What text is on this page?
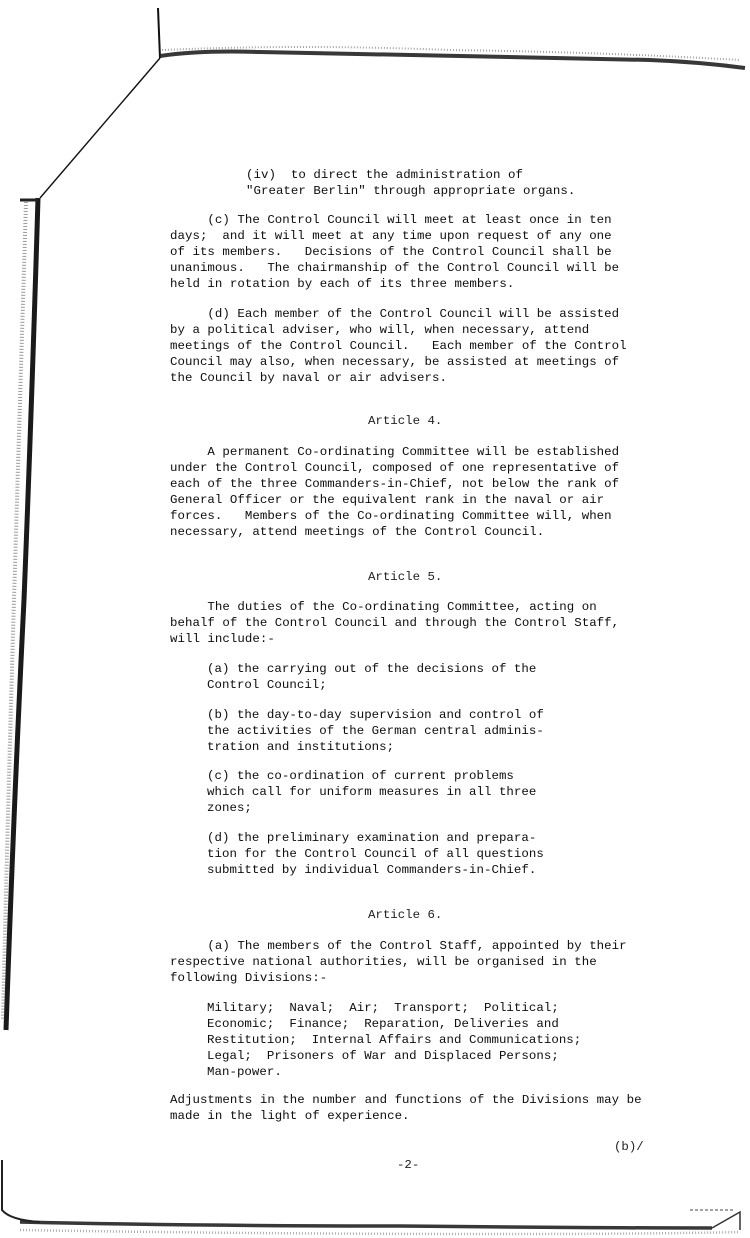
(iv)  to direct the administration of
"Greater Berlin" through appropriate organs.
(c) The Control Council will meet at least once in ten
days;  and it will meet at any time upon request of any one
of its members.   Decisions of the Control Council shall be
unanimous.   The chairmanship of the Control Council will be
held in rotation by each of its three members.
(d) Each member of the Control Council will be assisted
by a political adviser, who will, when necessary, attend
meetings of the Control Council.   Each member of the Control
Council may also, when necessary, be assisted at meetings of
the Council by naval or air advisers.
Article 4.
A permanent Co-ordinating Committee will be established
under the Control Council, composed of one representative of
each of the three Commanders-in-Chief, not below the rank of
General Officer or the equivalent rank in the naval or air
forces.   Members of the Co-ordinating Committee will, when
necessary, attend meetings of the Control Council.
Article 5.
The duties of the Co-ordinating Committee, acting on
behalf of the Control Council and through the Control Staff,
will include:-
(a) the carrying out of the decisions of the
Control Council;
(b) the day-to-day supervision and control of
the activities of the German central adminis-
tration and institutions;
(c) the co-ordination of current problems
which call for uniform measures in all three
zones;
(d) the preliminary examination and prepara-
tion for the Control Council of all questions
submitted by individual Commanders-in-Chief.
Article 6.
(a) The members of the Control Staff, appointed by their
respective national authorities, will be organised in the
following Divisions:-
Military;  Naval;  Air;  Transport;  Political;
Economic;  Finance;  Reparation, Deliveries and
Restitution;  Internal Affairs and Communications;
Legal;  Prisoners of War and Displaced Persons;
Man-power.
Adjustments in the number and functions of the Divisions may be
made in the light of experience.
(b)/
-2-
